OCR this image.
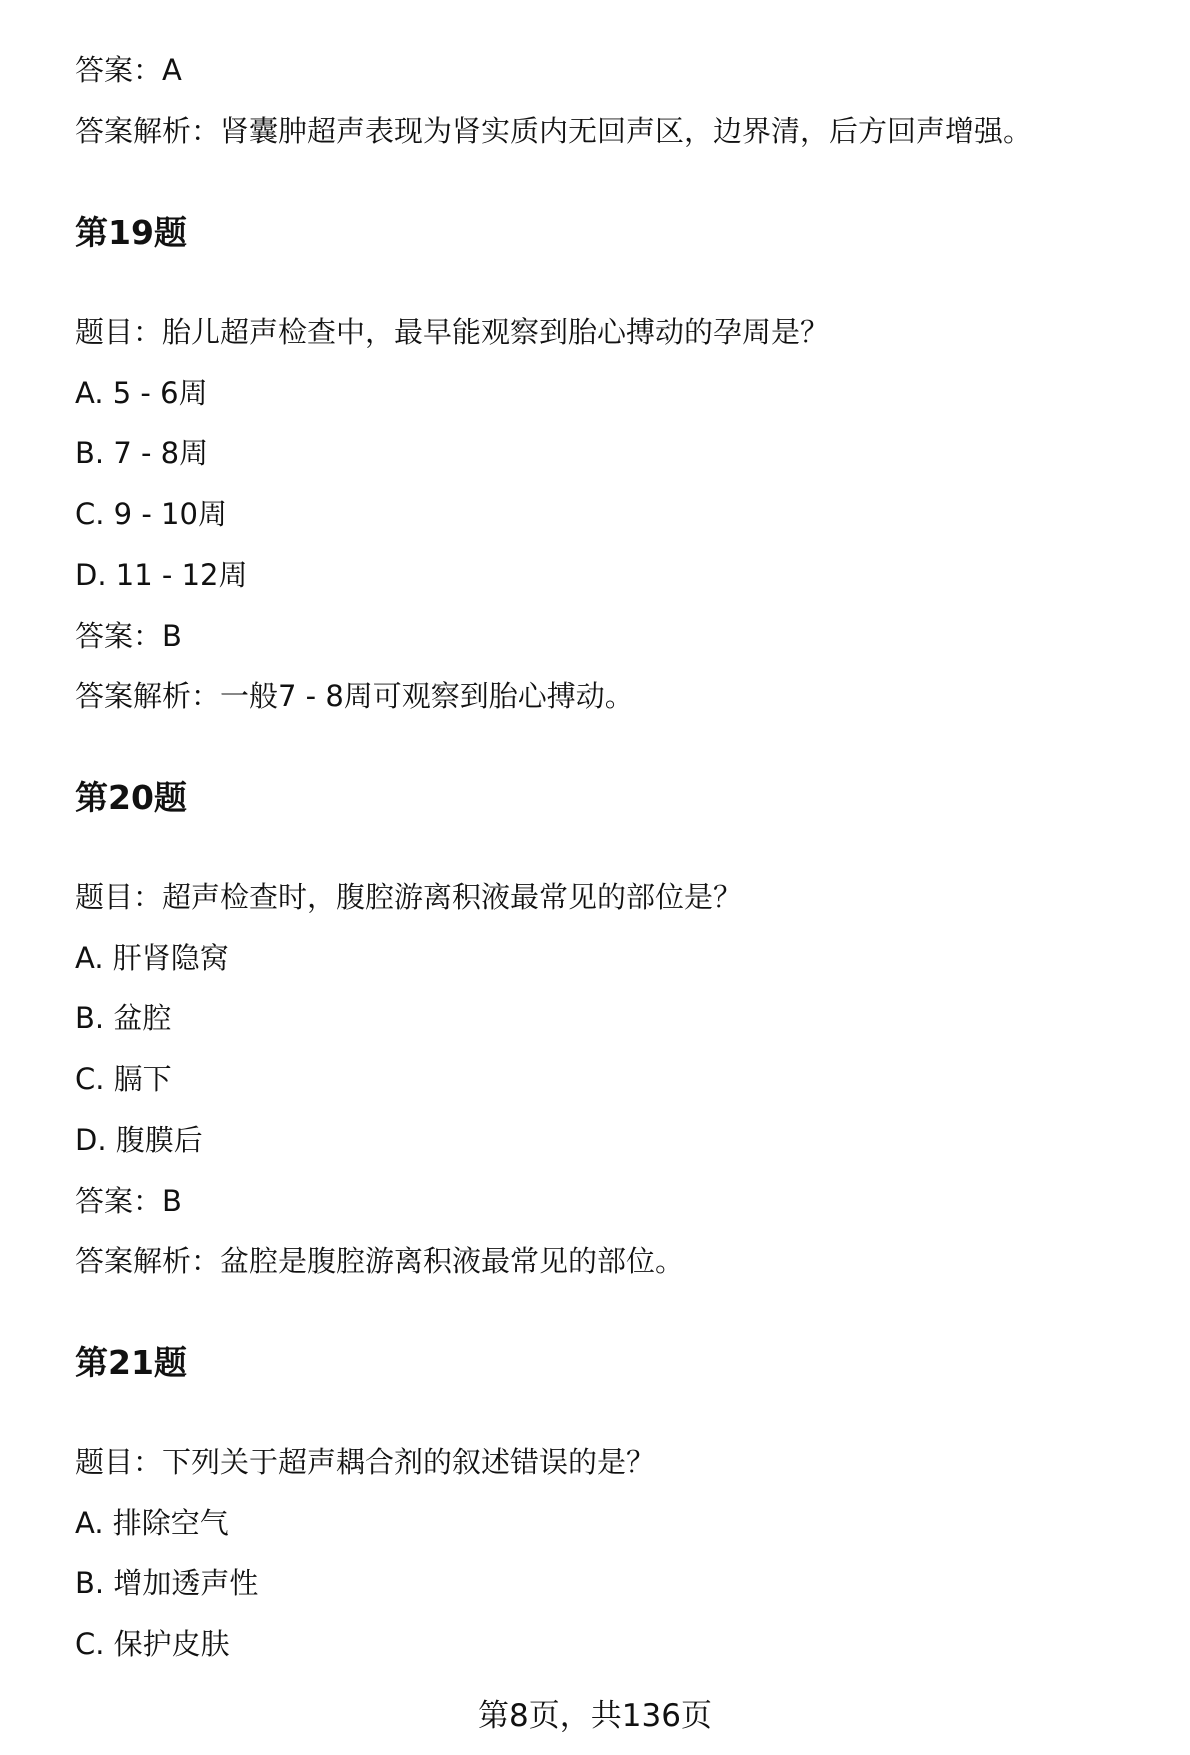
答案：A
答案解析：肾囊肿超声表现为肾实质内无回声区，边界清，后方回声增强。
第19题
题目：胎儿超声检查中，最早能观察到胎心搏动的孕周是？
A. 5 - 6周
B. 7 - 8周
C. 9 - 10周
D. 11 - 12周
答案：B
答案解析：一般7 - 8周可观察到胎心搏动。
第20题
题目：超声检查时，腹腔游离积液最常见的部位是？
A. 肝肾隐窝
B. 盆腔
C. 膈下
D. 腹膜后
答案：B
答案解析：盆腔是腹腔游离积液最常见的部位。
第21题
题目：下列关于超声耦合剂的叙述错误的是？
A. 排除空气
B. 增加透声性
C. 保护皮肤
第8页，共136页
